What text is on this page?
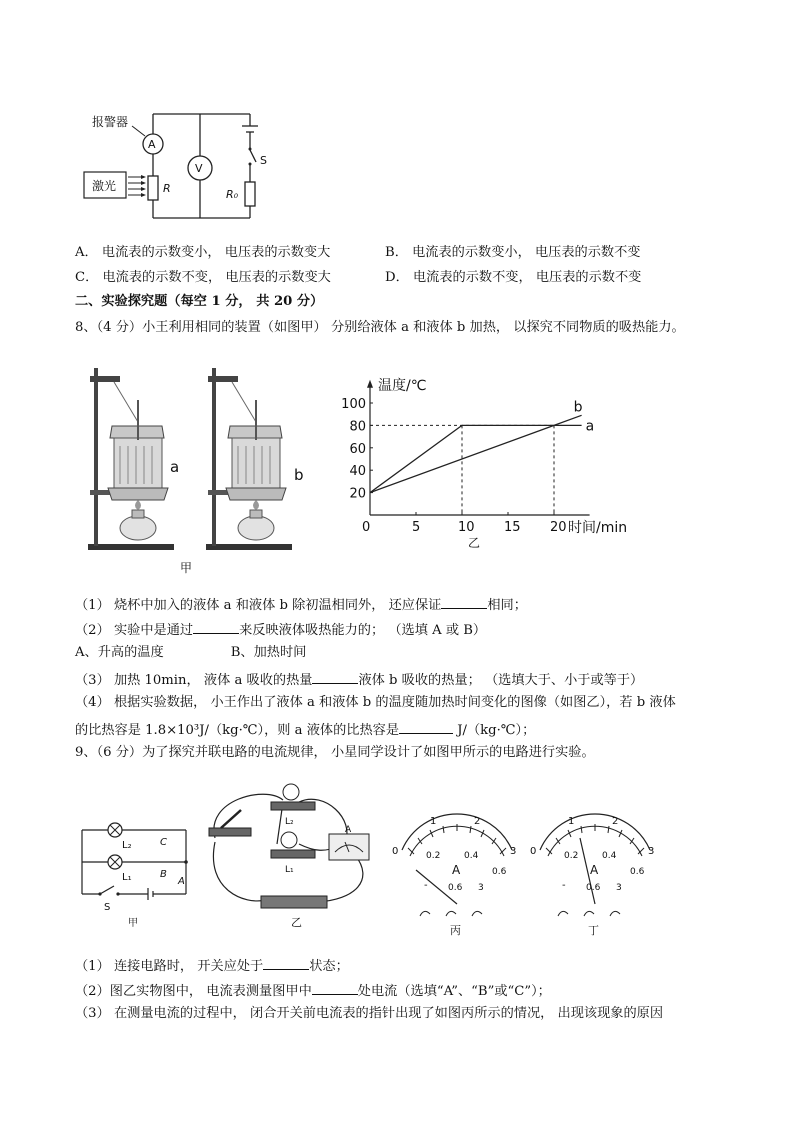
报警器
激光
A
V
R	R₀
S
A． 电流表的示数变小， 电压表的示数变大	B． 电流表的示数变小， 电压表的示数不变
C． 电流表的示数不变， 电压表的示数变大	D． 电流表的示数不变， 电压表的示数不变
二、实验探究题（每空 1 分， 共 20 分）
8、（4 分）小王利用相同的装置（如图甲） 分别给液体 a 和液体 b 加热， 以探究不同物质的吸热能力。
a	b
甲
0	5	10 15 20
20
40
60
80
100
温度/℃
时间/min
a
b
乙
（1） 烧杯中加入的液体 a 和液体 b 除初温相同外， 还应保证	相同；
（2） 实验中是通过	来反映液体吸热能力的； （选填 A 或 B）
A、升高的温度                B、加热时间
（3） 加热 10min， 液体 a 吸收的热量	液体 b 吸收的热量； （选填大于、小于或等于）
（4） 根据实验数据， 小王作出了液体 a 和液体 b 的温度随加热时间变化的图像（如图乙），若 b 液体
的比热容是 1.8×10³J/（kg·℃），则 a 液体的比热容是	J/（kg·℃）；
9、（6 分）为了探究并联电路的电流规律， 小星同学设计了如图甲所示的电路进行实验。
L₂
L₁
C
B
A
S
甲
L₂
L₁
A
乙
0
1	2
3
0.2	0.4
0.6
A
- 0.6 3
丙
0
1	2
3
0.2	0.4
0.6
A
- 0.6 3
丁
（1） 连接电路时， 开关应处于	状态；
（2）图乙实物图中， 电流表测量图甲中	处电流（选填“A”、“B”或“C”）；
（3） 在测量电流的过程中， 闭合开关前电流表的指针出现了如图丙所示的情况， 出现该现象的原因
